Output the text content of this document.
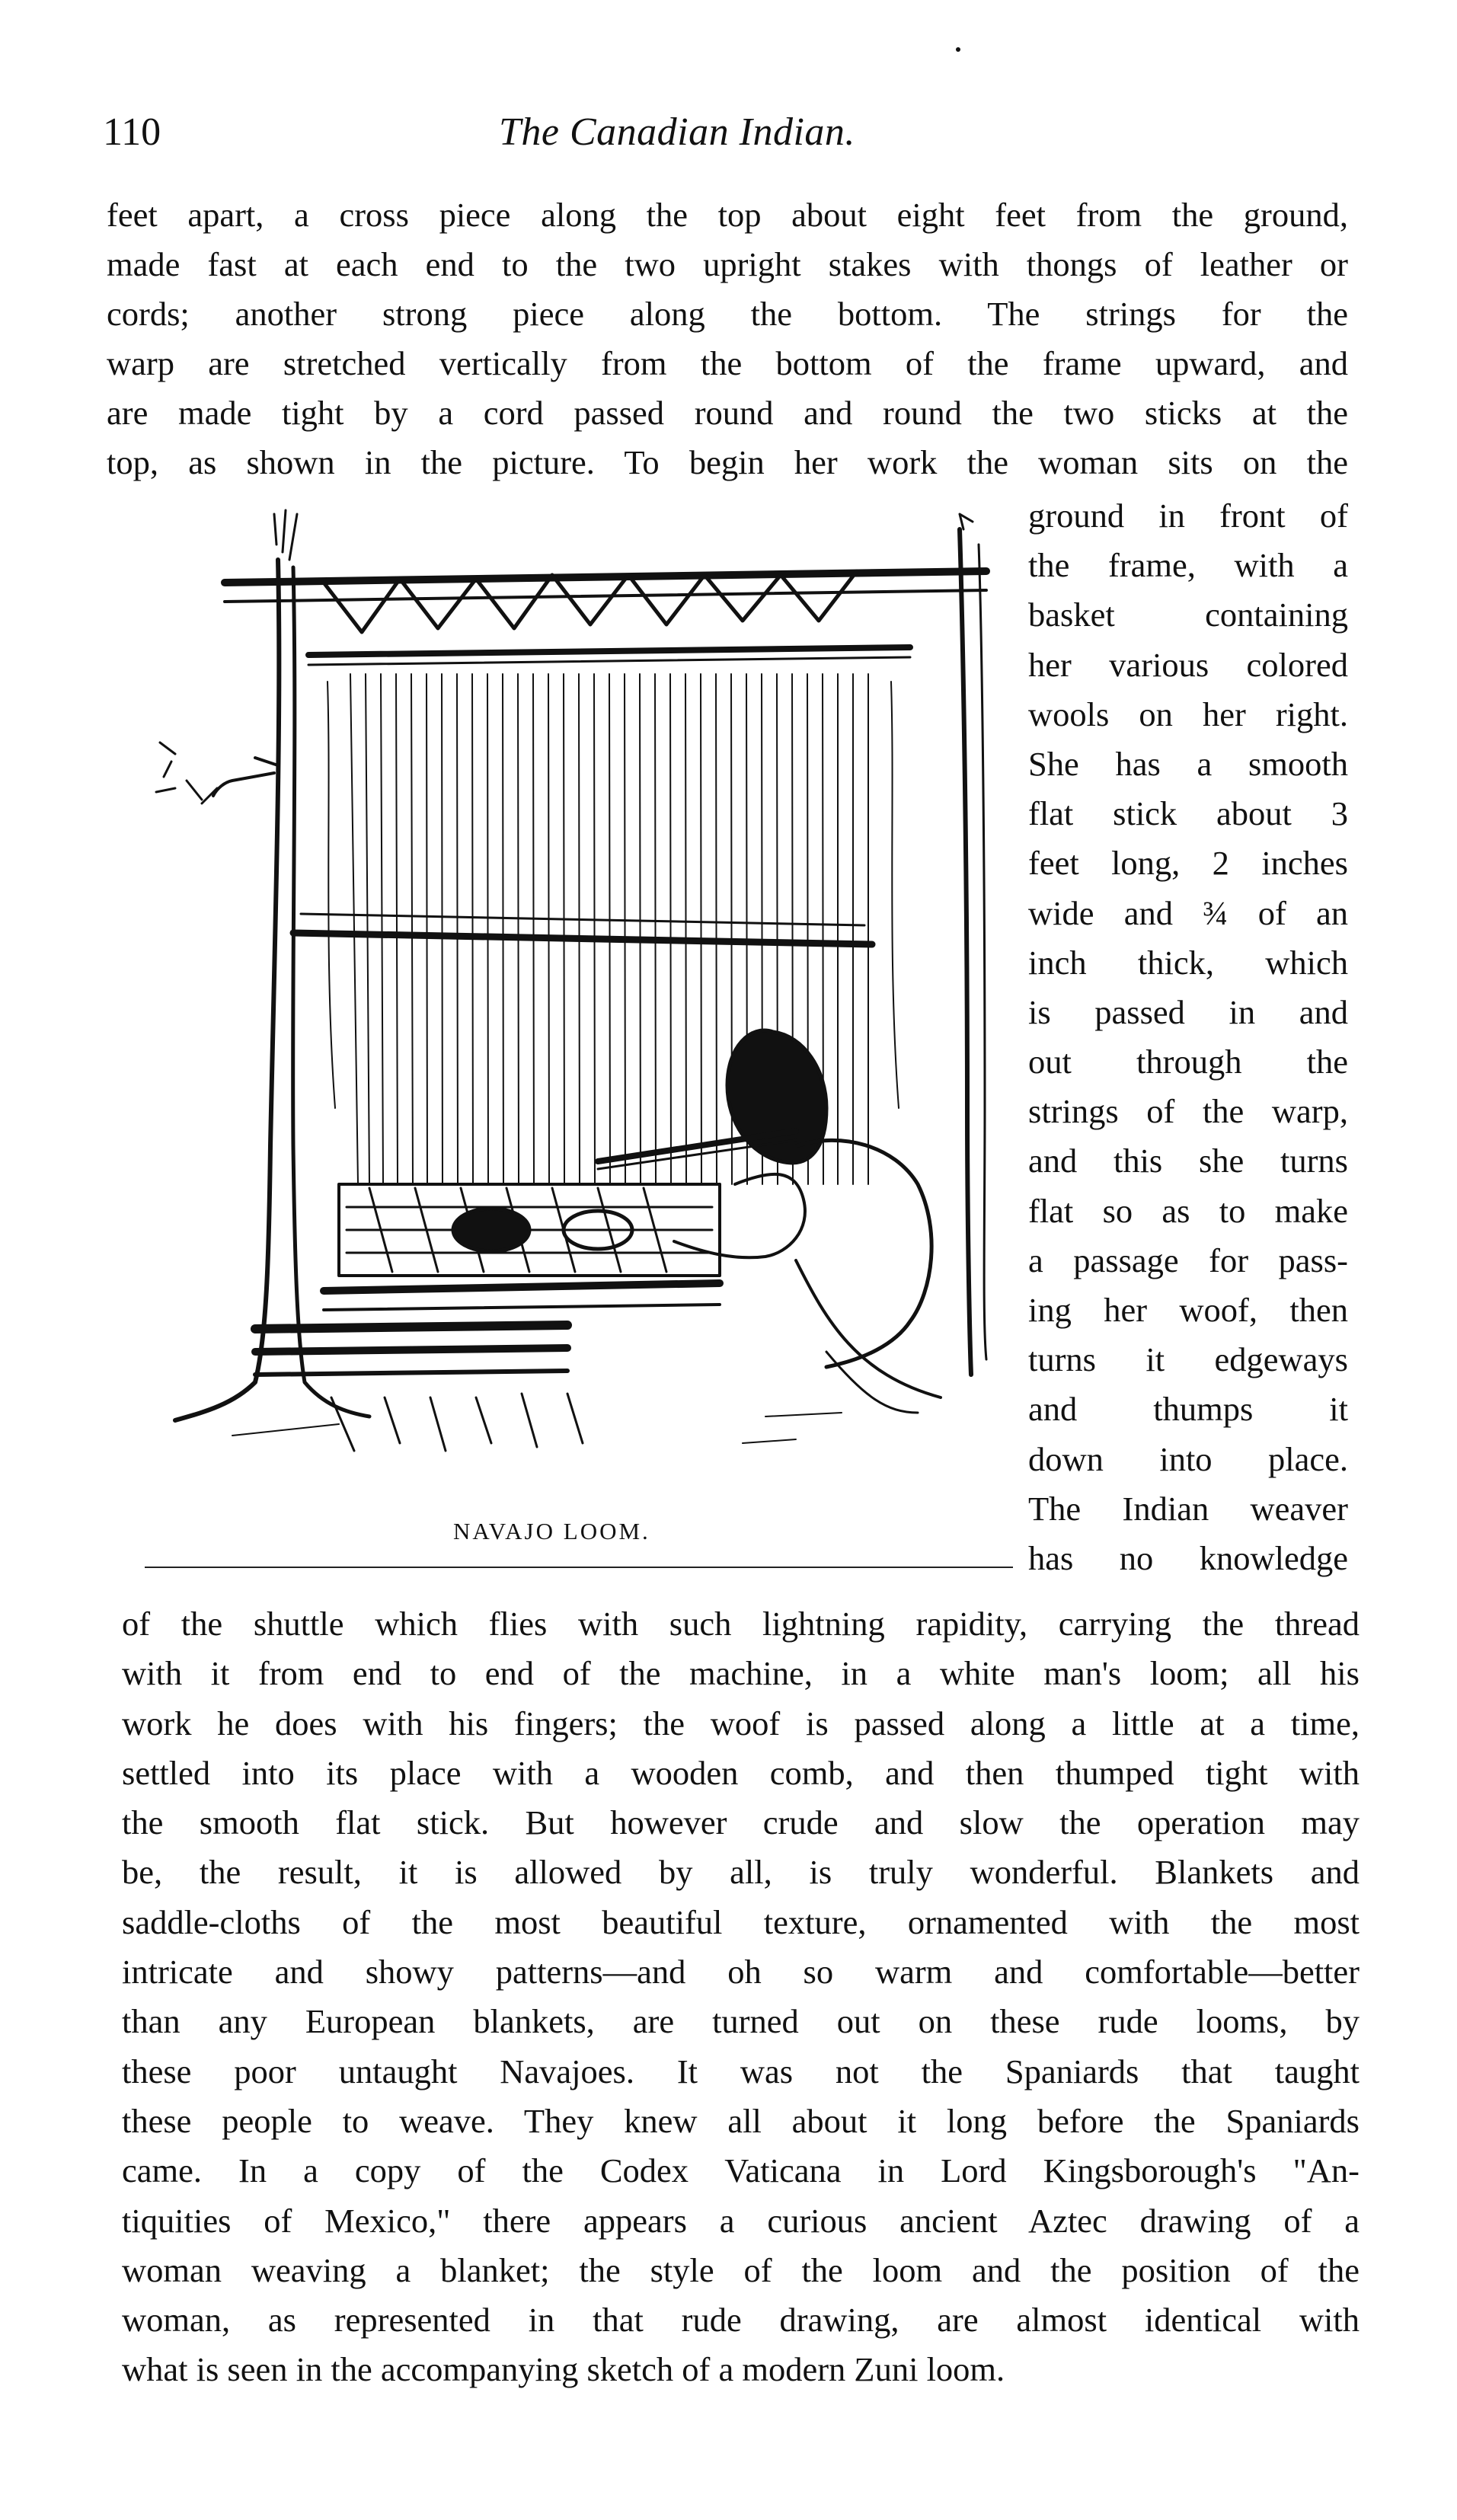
110	The Canadian Indian.
feet apart, a cross piece along the top about eight feet from the ground,
made fast at each end to the two upright stakes with thongs of leather or
cords; another strong piece along the bottom. The strings for the
warp are stretched vertically from the bottom of the frame upward, and
are made tight by a cord passed round and round the two sticks at the
top, as shown in the picture. To begin her work the woman sits on the
NAVAJO LOOM.
ground in front of
the frame, with a
basket containing
her various colored
wools on her right.
She has a smooth
flat stick about 3
feet long, 2 inches
wide and ¾ of an
inch thick, which
is passed in and
out through the
strings of the warp,
and this she turns
flat so as to make
a passage for pass-
ing her woof, then
turns it edgeways
and thumps it
down into place.
The Indian weaver
has no knowledge
of the shuttle which flies with such lightning rapidity, carrying the thread
with it from end to end of the machine, in a white man's loom; all his
work he does with his fingers; the woof is passed along a little at a time,
settled into its place with a wooden comb, and then thumped tight with
the smooth flat stick. But however crude and slow the operation may
be, the result, it is allowed by all, is truly wonderful. Blankets and
saddle-cloths of the most beautiful texture, ornamented with the most
intricate and showy patterns—and oh so warm and comfortable—better
than any European blankets, are turned out on these rude looms, by
these poor untaught Navajoes. It was not the Spaniards that taught
these people to weave. They knew all about it long before the Spaniards
came. In a copy of the Codex Vaticana in Lord Kingsborough's "An-
tiquities of Mexico," there appears a curious ancient Aztec drawing of a
woman weaving a blanket; the style of the loom and the position of the
woman, as represented in that rude drawing, are almost identical with
what is seen in the accompanying sketch of a modern Zuni loom.
